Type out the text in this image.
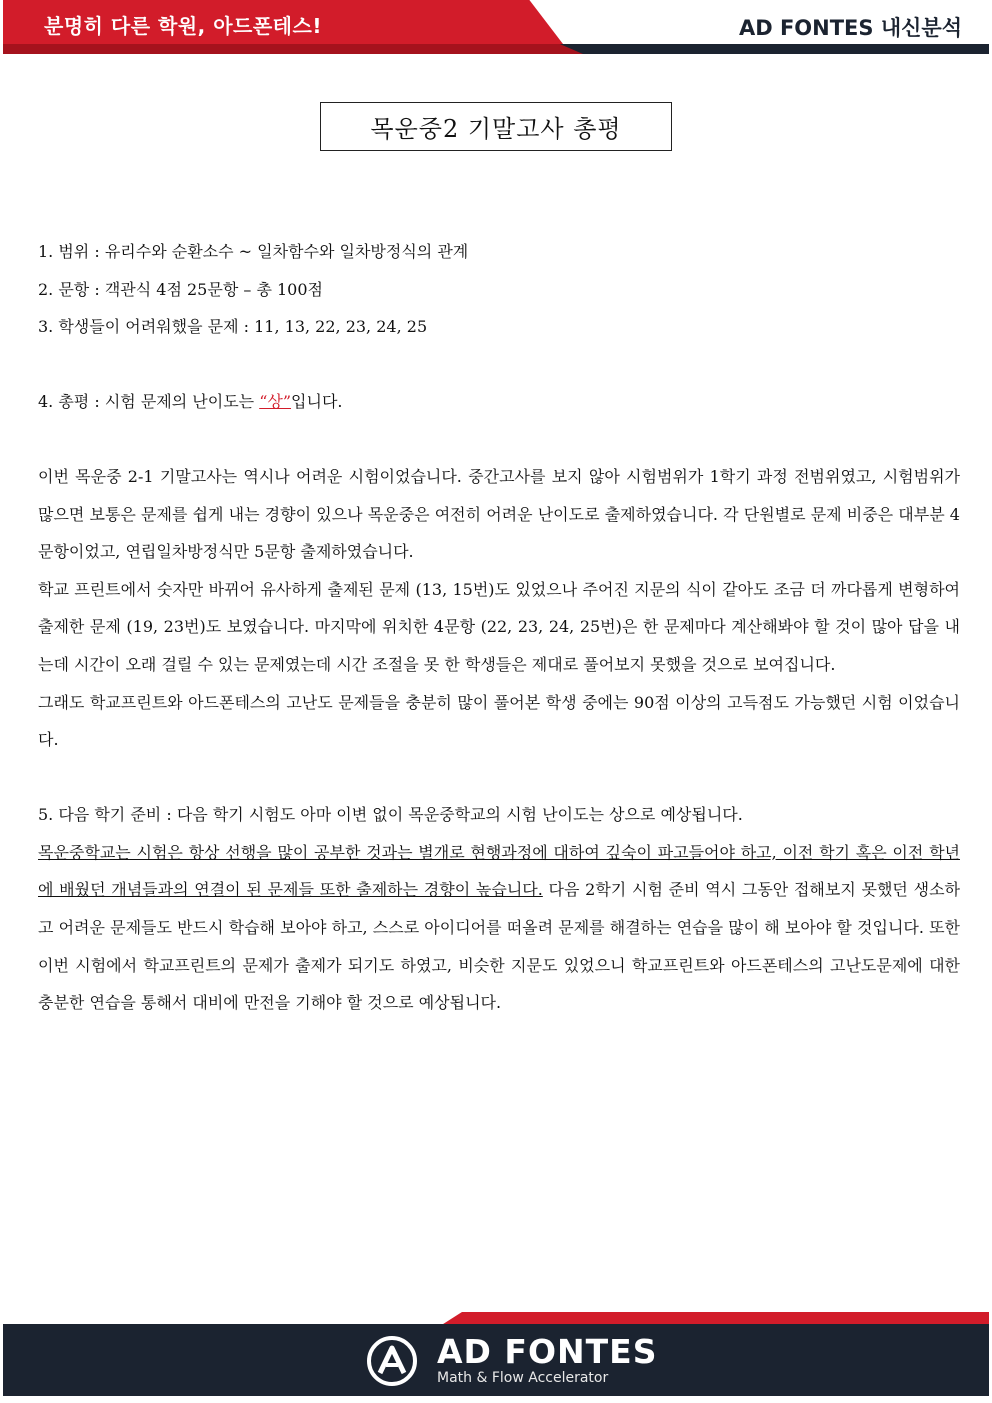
분명히 다른 학원, 아드폰테스!	AD FONTES 내신분석
목운중2 기말고사 총평
1. 범위 : 유리수와 순환소수 ~ 일차함수와 일차방정식의 관계
2. 문항 : 객관식 4점 25문항 – 총 100점
3. 학생들이 어려워했을 문제 : 11, 13, 22, 23, 24, 25
4. 총평 : 시험 문제의 난이도는 “상”입니다.
이번 목운중 2-1 기말고사는 역시나 어려운 시험이었습니다. 중간고사를 보지 않아 시험범위가 1학기 과정 전범위였고, 시험범위가 많으면 보통은 문제를 쉽게 내는 경향이 있으나 목운중은 여전히 어려운 난이도로 출제하였습니다. 각 단원별로 문제 비중은 대부분 4문항이었고, 연립일차방정식만 5문항 출제하였습니다.
학교 프린트에서 숫자만 바뀌어 유사하게 출제된 문제 (13, 15번)도 있었으나 주어진 지문의 식이 같아도 조금 더 까다롭게 변형하여 출제한 문제 (19, 23번)도 보였습니다. 마지막에 위치한 4문항 (22, 23, 24, 25번)은 한 문제마다 계산해봐야 할 것이 많아 답을 내는데 시간이 오래 걸릴 수 있는 문제였는데 시간 조절을 못 한 학생들은 제대로 풀어보지 못했을 것으로 보여집니다.
그래도 학교프린트와 아드폰테스의 고난도 문제들을 충분히 많이 풀어본 학생 중에는 90점 이상의 고득점도 가능했던 시험 이었습니다.
5. 다음 학기 준비 : 다음 학기 시험도 아마 이변 없이 목운중학교의 시험 난이도는 상으로 예상됩니다.
목운중학교는 시험은 항상 선행을 많이 공부한 것과는 별개로 현행과정에 대하여 깊숙이 파고들어야 하고, 이전 학기 혹은 이전 학년에 배웠던 개념들과의 연결이 된 문제들 또한 출제하는 경향이 높습니다. 다음 2학기 시험 준비 역시 그동안 접해보지 못했던 생소하고 어려운 문제들도 반드시 학습해 보아야 하고, 스스로 아이디어를 떠올려 문제를 해결하는 연습을 많이 해 보아야 할 것입니다. 또한 이번 시험에서 학교프린트의 문제가 출제가 되기도 하였고, 비슷한 지문도 있었으니 학교프린트와 아드폰테스의 고난도문제에 대한 충분한 연습을 통해서 대비에 만전을 기해야 할 것으로 예상됩니다.
AD FONTES
Math & Flow Accelerator
